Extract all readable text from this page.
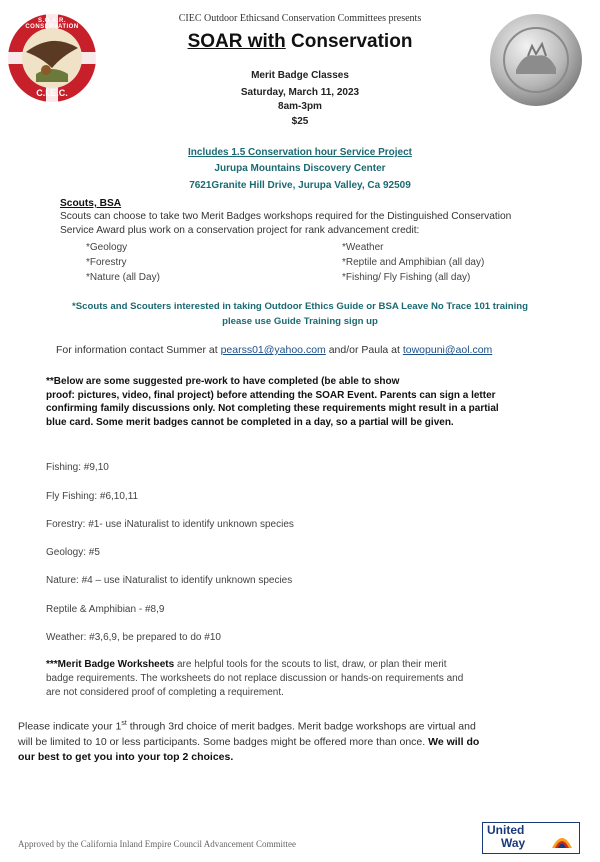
S.O.A.R. CONSERVATION
C.I.E.C.
CIEC Outdoor Ethicsand Conservation Committees presents
SOAR with Conservation
Merit Badge Classes
Saturday, March 11, 2023
8am-3pm
$25
Includes 1.5 Conservation hour Service Project
Jurupa Mountains Discovery Center
7621Granite Hill Drive, Jurupa Valley, Ca 92509
Scouts, BSA
Scouts can choose to take two Merit Badges workshops required for the Distinguished Conservation
Service Award plus work on a conservation project for rank advancement credit:
*Geology
*Forestry
*Nature (all Day)
*Weather
*Reptile and Amphibian (all day)
*Fishing/ Fly Fishing (all day)
*Scouts and Scouters interested in taking Outdoor Ethics Guide or BSA Leave No Trace 101 training
please use Guide Training sign up
For information contact Summer at pearss01@yahoo.com and/or Paula at towopuni@aol.com
**Below are some suggested pre-work to have completed (be able to show
proof: pictures, video, final project) before attending the SOAR Event. Parents can sign a letter
confirming family discussions only. Not completing these requirements might result in a partial
blue card. Some merit badges cannot be completed in a day, so a partial will be given.
Fishing: #9,10
Fly Fishing: #6,10,11
Forestry: #1- use iNaturalist to identify unknown species
Geology: #5
Nature: #4 – use iNaturalist to identify unknown species
Reptile & Amphibian - #8,9
Weather: #3,6,9, be prepared to do #10
***Merit Badge Worksheets are helpful tools for the scouts to list, draw, or plan their merit
badge requirements. The worksheets do not replace discussion or hands-on requirements and
are not considered proof of completing a requirement.
Please indicate your 1st through 3rd choice of merit badges. Merit badge workshops are virtual and
will be limited to 10 or less participants. Some badges might be offered more than once. We will do
our best to get you into your top 2 choices.
Approved by the California Inland Empire Council Advancement Committee
United
Way
